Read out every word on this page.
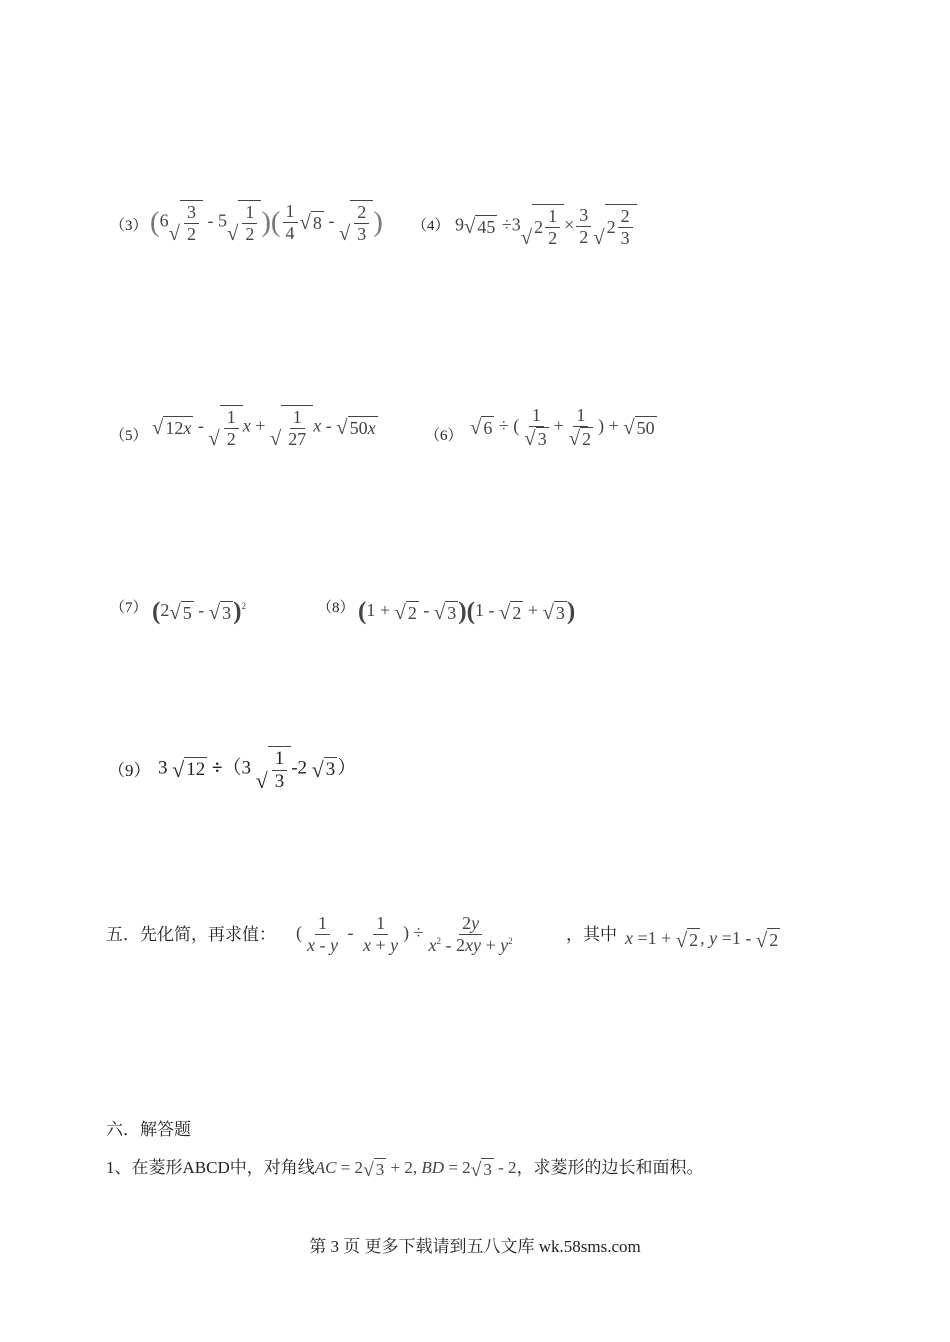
（3） (6
√ $\frac{3}{2} - 5$
√ $\frac{1}{2}$ )( $\frac{1}{4}$ √ 8 -
√ $\frac{2}{3}$ ) （4） 9 √ 45 ÷3
√ $2 \frac{1}{2} \times \frac{3}{2}$ √ $2 \frac{2}{3}$
（5） √ 12 x -
√ $\frac{1}{2}$ x +
√ $\frac{1}{27}$ x - √ 50 x	（6） √ 6 ÷ ( $\frac{1}{√ 3} + \frac{1}{√ 2}$ ) + √ 50
（7） (2 √ 5 - √ 3 )$^2$	（8） (1 + √ 2 - √ 3 )(1 - √ 2 + √ 3 )
（9） 3 √ 12 ÷（3
√ $\frac{1}{3} -2$ √ 3 ）
五．先化简，再求值： ( $\frac{1}{x - y} - \frac{1}{x + y}$ ) ÷ $\frac{2y}{x^2 - 2xy + y^2}$	，其中 x =1 + √ 2 , y =1 - √ 2
六．解答题
1、在菱形ABCD中，对角线AC = 2 √ 3 + 2, BD = 2 √ 3 - 2，求菱形的边长和面积。
第 3 页 更多下载请到五八文库 wk.58sms.com
